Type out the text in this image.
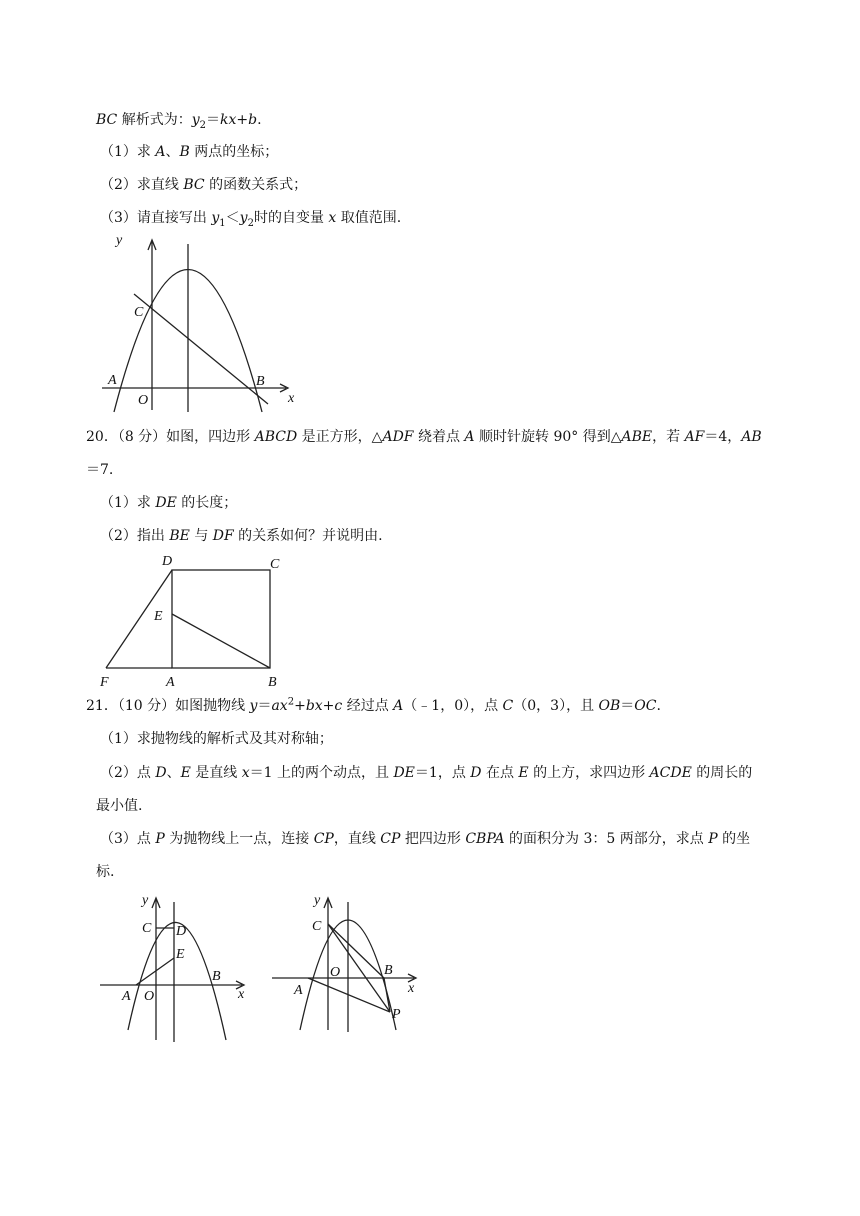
BC 解析式为：$y_2=kx+b$.
（1）求 A、B 两点的坐标；
（2）求直线 BC 的函数关系式；
（3）请直接写出 $y_1<y_2$时的自变量 x 取值范围.
y
x
C
A
O
B
20．（8 分）如图，四边形 ABCD 是正方形，△ADF 绕着点 A 顺时针旋转 90° 得到△ABE，若 AF＝4，AB
＝7.
（1）求 DE 的长度；
（2）指出 BE 与 DF 的关系如何？并说明由.
D	C
E
F	A	B
21．（10 分）如图抛物线 $y=ax^2+bx+c$ 经过点 A（﹣1，0），点 C（0，3），且 OB＝OC.
（1）求抛物线的解析式及其对称轴；
（2）点 D、E 是直线 x＝1 上的两个动点，且 DE＝1，点 D 在点 E 的上方，求四边形 ACDE 的周长的
最小值.
（3）点 P 为抛物线上一点，连接 CP，直线 CP 把四边形 CBPA 的面积分为 3：5 两部分，求点 P 的坐
标.
y
x
C D
E
B
A O
y
x
C
O	B
A
P
